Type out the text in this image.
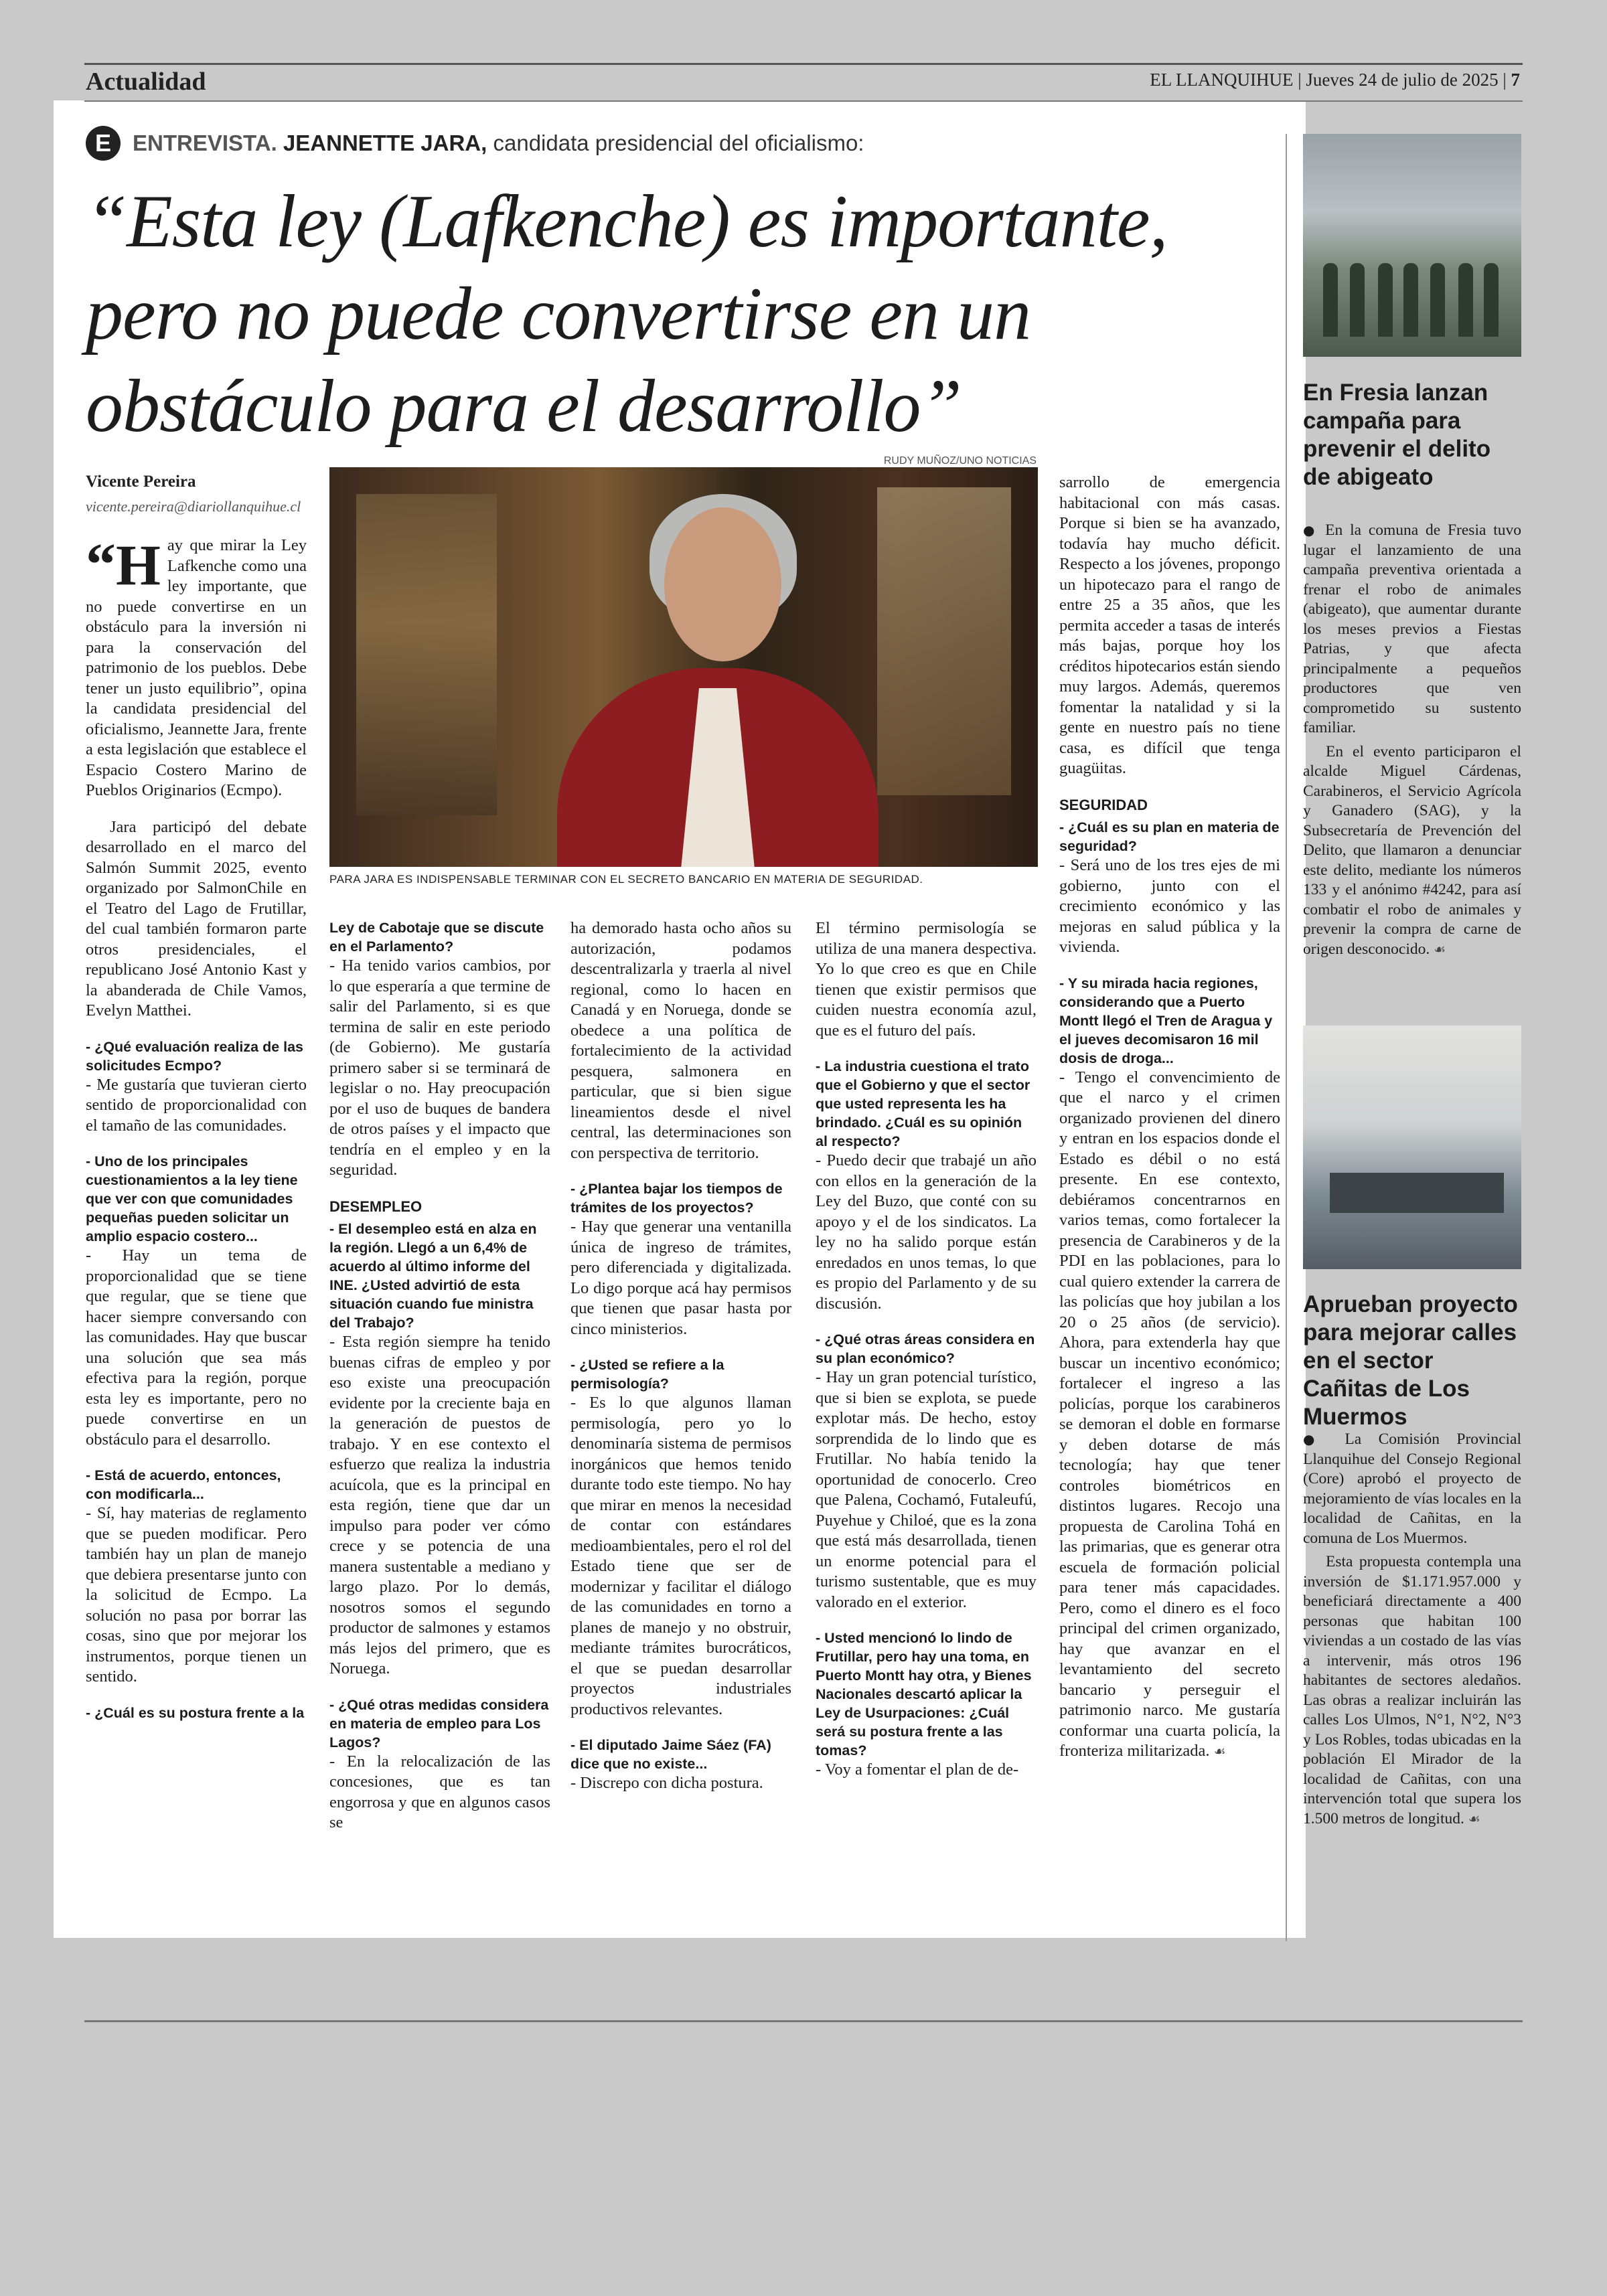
Actualidad	EL LLANQUIHUE | Jueves 24 de julio de 2025 | 7
E ENTREVISTA. JEANNETTE JARA, candidata presidencial del oficialismo:
“Esta ley (Lafkenche) es importante, pero no puede convertirse en un obstáculo para el desarrollo”
Vicente Pereira
vicente.pereira@diariollanquihue.cl
RUDY MUÑOZ/UNO NOTICIAS
PARA JARA ES INDISPENSABLE TERMINAR CON EL SECRETO BANCARIO EN MATERIA DE SEGURIDAD.

“H ay que mirar la Ley Lafkenche como una ley importante, que no puede convertirse en un obstáculo para la inversión ni para la conservación del patrimonio de los pueblos. Debe tener un justo equilibrio”, opina la candidata presidencial del oficialismo, Jeannette Jara, frente a esta legislación que establece el Espacio Costero Marino de Pueblos Originarios (Ecmpo).

Jara participó del debate desarrollado en el marco del Salmón Summit 2025, evento organizado por SalmonChile en el Teatro del Lago de Frutillar, del cual también formaron parte otros presidenciales, el republicano José Antonio Kast y la abanderada de Chile Vamos, Evelyn Matthei.

- ¿Qué evaluación realiza de las solicitudes Ecmpo?

- Me gustaría que tuvieran cierto sentido de proporcionalidad con el tamaño de las comunidades.

- Uno de los principales cuestionamientos a la ley tiene que ver con que comunidades pequeñas pueden solicitar un amplio espacio costero...

- Hay un tema de proporcionalidad que se tiene que regular, que se tiene que hacer siempre conversando con las comunidades. Hay que buscar una solución que sea más efectiva para la región, porque esta ley es importante, pero no puede convertirse en un obstáculo para el desarrollo.

- Está de acuerdo, entonces, con modificarla...

- Sí, hay materias de reglamento que se pueden modificar. Pero también hay un plan de manejo que debiera presentarse junto con la solicitud de Ecmpo. La solución no pasa por borrar las cosas, sino que por mejorar los instrumentos, porque tienen un sentido.

- ¿Cuál es su postura frente a la

Ley de Cabotaje que se discute en el Parlamento?

- Ha tenido varios cambios, por lo que esperaría a que termine de salir del Parlamento, si es que termina de salir en este periodo (de Gobierno). Me gustaría primero saber si se terminará de legislar o no. Hay preocupación por el uso de buques de bandera de otros países y el impacto que tendría en el empleo y en la seguridad.

DESEMPLEO

- El desempleo está en alza en la región. Llegó a un 6,4% de acuerdo al último informe del INE. ¿Usted advirtió de esta situación cuando fue ministra del Trabajo?

- Esta región siempre ha tenido buenas cifras de empleo y por eso existe una preocupación evidente por la creciente baja en la generación de puestos de trabajo. Y en ese contexto el esfuerzo que realiza la industria acuícola, que es la principal en esta región, tiene que dar un impulso para poder ver cómo crece y se potencia de una manera sustentable a mediano y largo plazo. Por lo demás, nosotros somos el segundo productor de salmones y estamos más lejos del primero, que es Noruega.

- ¿Qué otras medidas considera en materia de empleo para Los Lagos?

- En la relocalización de las concesiones, que es tan engorrosa y que en algunos casos se

ha demorado hasta ocho años su autorización, podamos descentralizarla y traerla al nivel regional, como lo hacen en Canadá y en Noruega, donde se obedece a una política de fortalecimiento de la actividad pesquera, salmonera en particular, que si bien sigue lineamientos desde el nivel central, las determinaciones son con perspectiva de territorio.

- ¿Plantea bajar los tiempos de trámites de los proyectos?

- Hay que generar una ventanilla única de ingreso de trámites, pero diferenciada y digitalizada. Lo digo porque acá hay permisos que tienen que pasar hasta por cinco ministerios.

- ¿Usted se refiere a la permisología?

- Es lo que algunos llaman permisología, pero yo lo denominaría sistema de permisos inorgánicos que hemos tenido durante todo este tiempo. No hay que mirar en menos la necesidad de contar con estándares medioambientales, pero el rol del Estado tiene que ser de modernizar y facilitar el diálogo de las comunidades en torno a planes de manejo y no obstruir, mediante trámites burocráticos, el que se puedan desarrollar proyectos industriales productivos relevantes.

- El diputado Jaime Sáez (FA) dice que no existe...

- Discrepo con dicha postura.

El término permisología se utiliza de una manera despectiva. Yo lo que creo es que en Chile tienen que existir permisos que cuiden nuestra economía azul, que es el futuro del país.

- La industria cuestiona el trato que el Gobierno y que el sector que usted representa les ha brindado. ¿Cuál es su opinión al respecto?

- Puedo decir que trabajé un año con ellos en la generación de la Ley del Buzo, que conté con su apoyo y el de los sindicatos. La ley no ha salido porque están enredados en unos temas, lo que es propio del Parlamento y de su discusión.

- ¿Qué otras áreas considera en su plan económico?

- Hay un gran potencial turístico, que si bien se explota, se puede explotar más. De hecho, estoy sorprendida de lo lindo que es Frutillar. No había tenido la oportunidad de conocerlo. Creo que Palena, Cochamó, Futaleufú, Puyehue y Chiloé, que es la zona que está más desarrollada, tienen un enorme potencial para el turismo sustentable, que es muy valorado en el exterior.

- Usted mencionó lo lindo de Frutillar, pero hay una toma, en Puerto Montt hay otra, y Bienes Nacionales descartó aplicar la Ley de Usurpaciones: ¿Cuál será su postura frente a las tomas?

- Voy a fomentar el plan de de-

sarrollo de emergencia habitacional con más casas. Porque si bien se ha avanzado, todavía hay mucho déficit. Respecto a los jóvenes, propongo un hipotecazo para el rango de entre 25 a 35 años, que les permita acceder a tasas de interés más bajas, porque hoy los créditos hipotecarios están siendo muy largos. Además, queremos fomentar la natalidad y si la gente en nuestro país no tiene casa, es difícil que tenga guagüitas.

SEGURIDAD

- ¿Cuál es su plan en materia de seguridad?

- Será uno de los tres ejes de mi gobierno, junto con el crecimiento económico y las mejoras en salud pública y la vivienda.

- Y su mirada hacia regiones, considerando que a Puerto Montt llegó el Tren de Aragua y el jueves decomisaron 16 mil dosis de droga...

- Tengo el convencimiento de que el narco y el crimen organizado provienen del dinero y entran en los espacios donde el Estado es débil o no está presente. En ese contexto, debiéramos concentrarnos en varios temas, como fortalecer la presencia de Carabineros y de la PDI en las poblaciones, para lo cual quiero extender la carrera de las policías que hoy jubilan a los 20 o 25 años (de servicio). Ahora, para extenderla hay que buscar un incentivo económico; fortalecer el ingreso a las policías, porque los carabineros se demoran el doble en formarse y deben dotarse de más tecnología; hay que tener controles biométricos en distintos lugares. Recojo una propuesta de Carolina Tohá en las primarias, que es generar otra escuela de formación policial para tener más capacidades. Pero, como el dinero es el foco principal del crimen organizado, hay que avanzar en el levantamiento del secreto bancario y perseguir el patrimonio narco. Me gustaría conformar una cuarta policía, la fronteriza militarizada. ☙

En Fresia lanzan campaña para prevenir el delito de abigeato

● En la comuna de Fresia tuvo lugar el lanzamiento de una campaña preventiva orientada a frenar el robo de animales (abigeato), que aumentar durante los meses previos a Fiestas Patrias, y que afecta principalmente a pequeños productores que ven comprometido su sustento familiar.

En el evento participaron el alcalde Miguel Cárdenas, Carabineros, el Servicio Agrícola y Ganadero (SAG), y la Subsecretaría de Prevención del Delito, que llamaron a denunciar este delito, mediante los números 133 y el anónimo #4242, para así combatir el robo de animales y prevenir la compra de carne de origen desconocido. ☙

Aprueban proyecto para mejorar calles en el sector Cañitas de Los Muermos

● La Comisión Provincial Llanquihue del Consejo Regional (Core) aprobó el proyecto de mejoramiento de vías locales en la localidad de Cañitas, en la comuna de Los Muermos.

Esta propuesta contempla una inversión de $1.171.957.000 y beneficiará directamente a 400 personas que habitan 100 viviendas a un costado de las vías a intervenir, más otros 196 habitantes de sectores aledaños. Las obras a realizar incluirán las calles Los Ulmos, N°1, N°2, N°3 y Los Robles, todas ubicadas en la población El Mirador de la localidad de Cañitas, con una intervención total que supera los 1.500 metros de longitud. ☙
